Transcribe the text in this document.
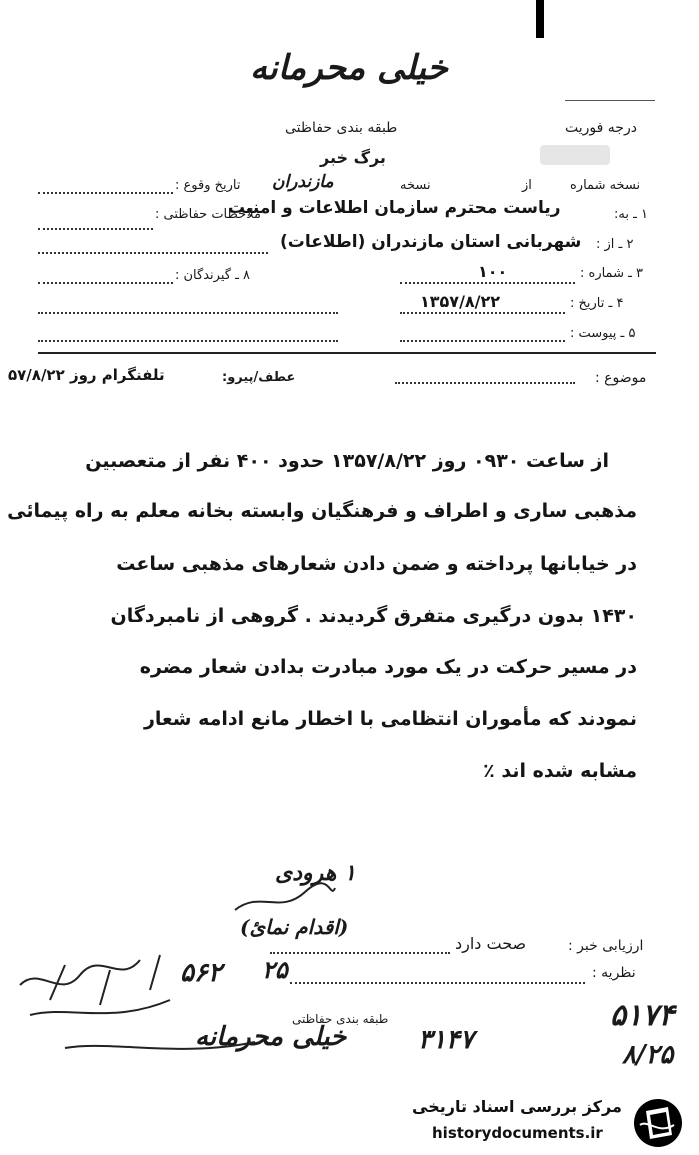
خیلی محرمانه
طبقه بندی حفاظتی	درجه فوریت
برگ خبر
نسخه شماره
از
نسخه
مازندران
تاریخ وقوع :
۱ ـ به:
ریاست محترم سازمان اطلاعات و امنیت
ملاحظات حفاظتی :
۲ ـ از :
شهربانی استان مازندران (اطلاعات)
۳ ـ شماره :
۱۰۰
۸ ـ گیرندگان :
۴ ـ تاریخ :
۱۳۵۷/۸/۲۲
۵ ـ پیوست :
موضوع :
عطف/پیرو:
تلفنگرام روز ۵۷/۸/۲۲
از ساعت ۰۹۳۰ روز ۱۳۵۷/۸/۲۲ حدود ۴۰۰ نفر از متعصبین
مذهبی ساری و اطراف و فرهنگیان وابسته بخانه معلم به راه پیمائی
در خیابانها پرداخته و ضمن دادن شعارهای مذهبی ساعت
۱۴۳۰ بدون درگیری متفرق گردیدند . گروهی از نامبردگان
در مسیر حرکت در یک مورد مبادرت بدادن شعار مضره
نمودند که مأموران انتظامی با اخطار مانع ادامه شعار
مشابه شده اند ٪
۱ هرودی
(اقدام نمائ)
ارزیابی خبر :
صحت دارد
نظریه :
۵۶۲ ۲۵
طبقه بندی حفاظتی
خیلی محرمانه	۳۱۴۷
۵۱۷۴
۸/۲۵
مرکز بررسی اسناد تاریخی
historydocuments.ir
